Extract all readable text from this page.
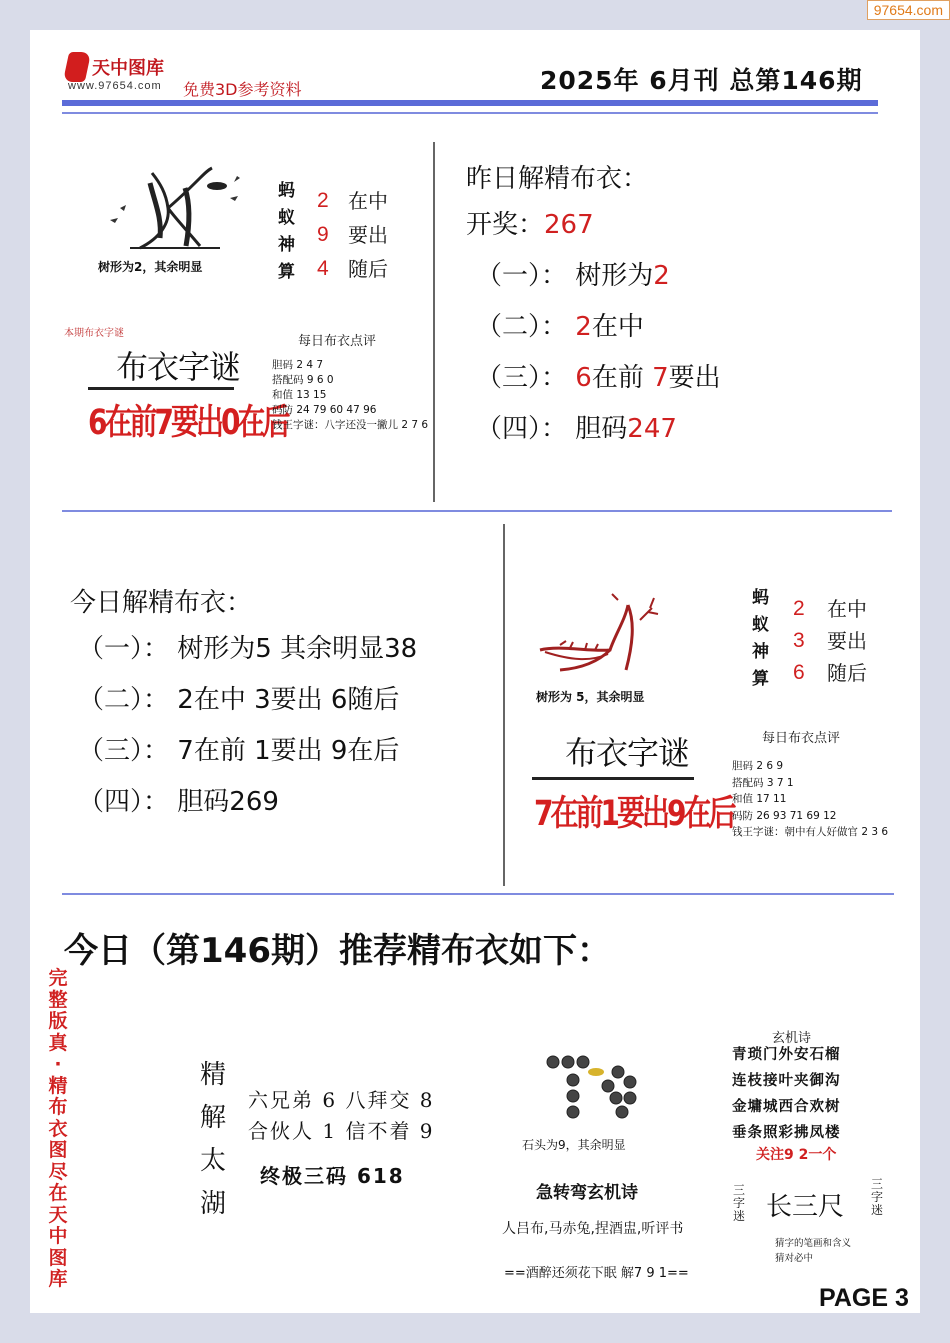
97654.com
天中图库
www.97654.com 免费3D参考资料	2025年 6月刊 总第146期
树形为2，其余明显
蚂
蚁
神
算
2
9
4
在中
要出
随后
本期布衣字谜
布衣字谜
6在前7要出0在后
每日布衣点评
胆码 2 4 7
搭配码 9 6 0
和值 13 15
码防 24 79 60 47 96
钱王字谜：八字还没一撇儿 2 7 6
昨日解精布衣：
开奖：267
（一）： 树形为2
（二）： 2在中
（三）： 6在前 7要出
（四）： 胆码247
今日解精布衣：
（一）： 树形为5 其余明显38
（二）： 2在中 3要出 6随后
（三）： 7在前 1要出 9在后
（四）： 胆码269
树形为 5，其余明显
蚂
蚁
神
算
2
3
6
在中
要出
随后
布衣字谜
7在前1要出9在后
每日布衣点评
胆码 2 6 9
搭配码 3 7 1
和值 17 11
码防 26 93 71 69 12
钱王字谜：朝中有人好做官 2 3 6
今日（第146期）推荐精布衣如下：
完整版真·精布衣图尽在天中图库
精解太湖
六兄弟 6 八拜交 8
合伙人 1 信不着 9
终极三码 618
石头为9，其余明显
急转弯玄机诗
人吕布,马赤兔,捏酒盅,听评书
==酒醉还须花下眠 解7 9 1==
玄机诗
青琐门外安石榴
连枝接叶夹御沟
金墉城西合欢树
垂条照彩拂凤楼
关注9 2一个
三字迷 长三尺
三字迷
猜字的笔画和含义
猜对必中
PAGE 3
